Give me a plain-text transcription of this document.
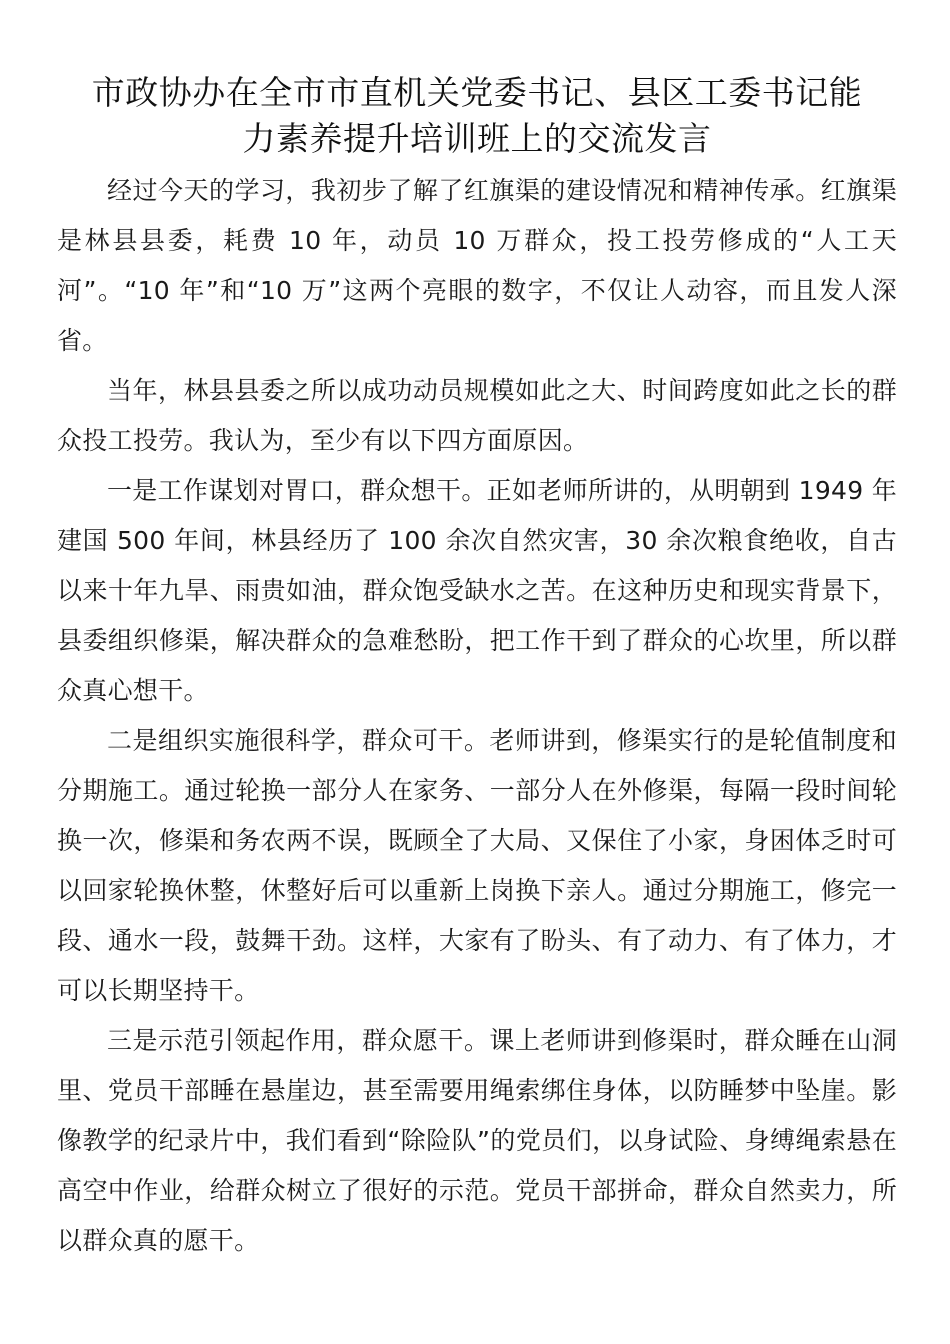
市政协办在全市市直机关党委书记、县区工委书记能
力素养提升培训班上的交流发言

经过今天的学习，我初步了解了红旗渠的建设情况和精神传承。红旗渠是林县县委，耗费 10 年，动员 10 万群众，投工投劳修成的“人工天河”。“10 年”和“10 万”这两个亮眼的数字，不仅让人动容，而且发人深省。

当年，林县县委之所以成功动员规模如此之大、时间跨度如此之长的群众投工投劳。我认为，至少有以下四方面原因。

一是工作谋划对胃口，群众想干。正如老师所讲的，从明朝到 1949 年建国 500 年间，林县经历了 100 余次自然灾害，30 余次粮食绝收，自古以来十年九旱、雨贵如油，群众饱受缺水之苦。在这种历史和现实背景下，县委组织修渠，解决群众的急难愁盼，把工作干到了群众的心坎里，所以群众真心想干。

二是组织实施很科学，群众可干。老师讲到，修渠实行的是轮值制度和分期施工。通过轮换一部分人在家务、一部分人在外修渠，每隔一段时间轮换一次，修渠和务农两不误，既顾全了大局、又保住了小家，身困体乏时可以回家轮换休整，休整好后可以重新上岗换下亲人。通过分期施工，修完一段、通水一段，鼓舞干劲。这样，大家有了盼头、有了动力、有了体力，才可以长期坚持干。

三是示范引领起作用，群众愿干。课上老师讲到修渠时，群众睡在山洞里、党员干部睡在悬崖边，甚至需要用绳索绑住身体，以防睡梦中坠崖。影像教学的纪录片中，我们看到“除险队”的党员们，以身试险、身缚绳索悬在高空中作业，给群众树立了很好的示范。党员干部拼命，群众自然卖力，所以群众真的愿干。
